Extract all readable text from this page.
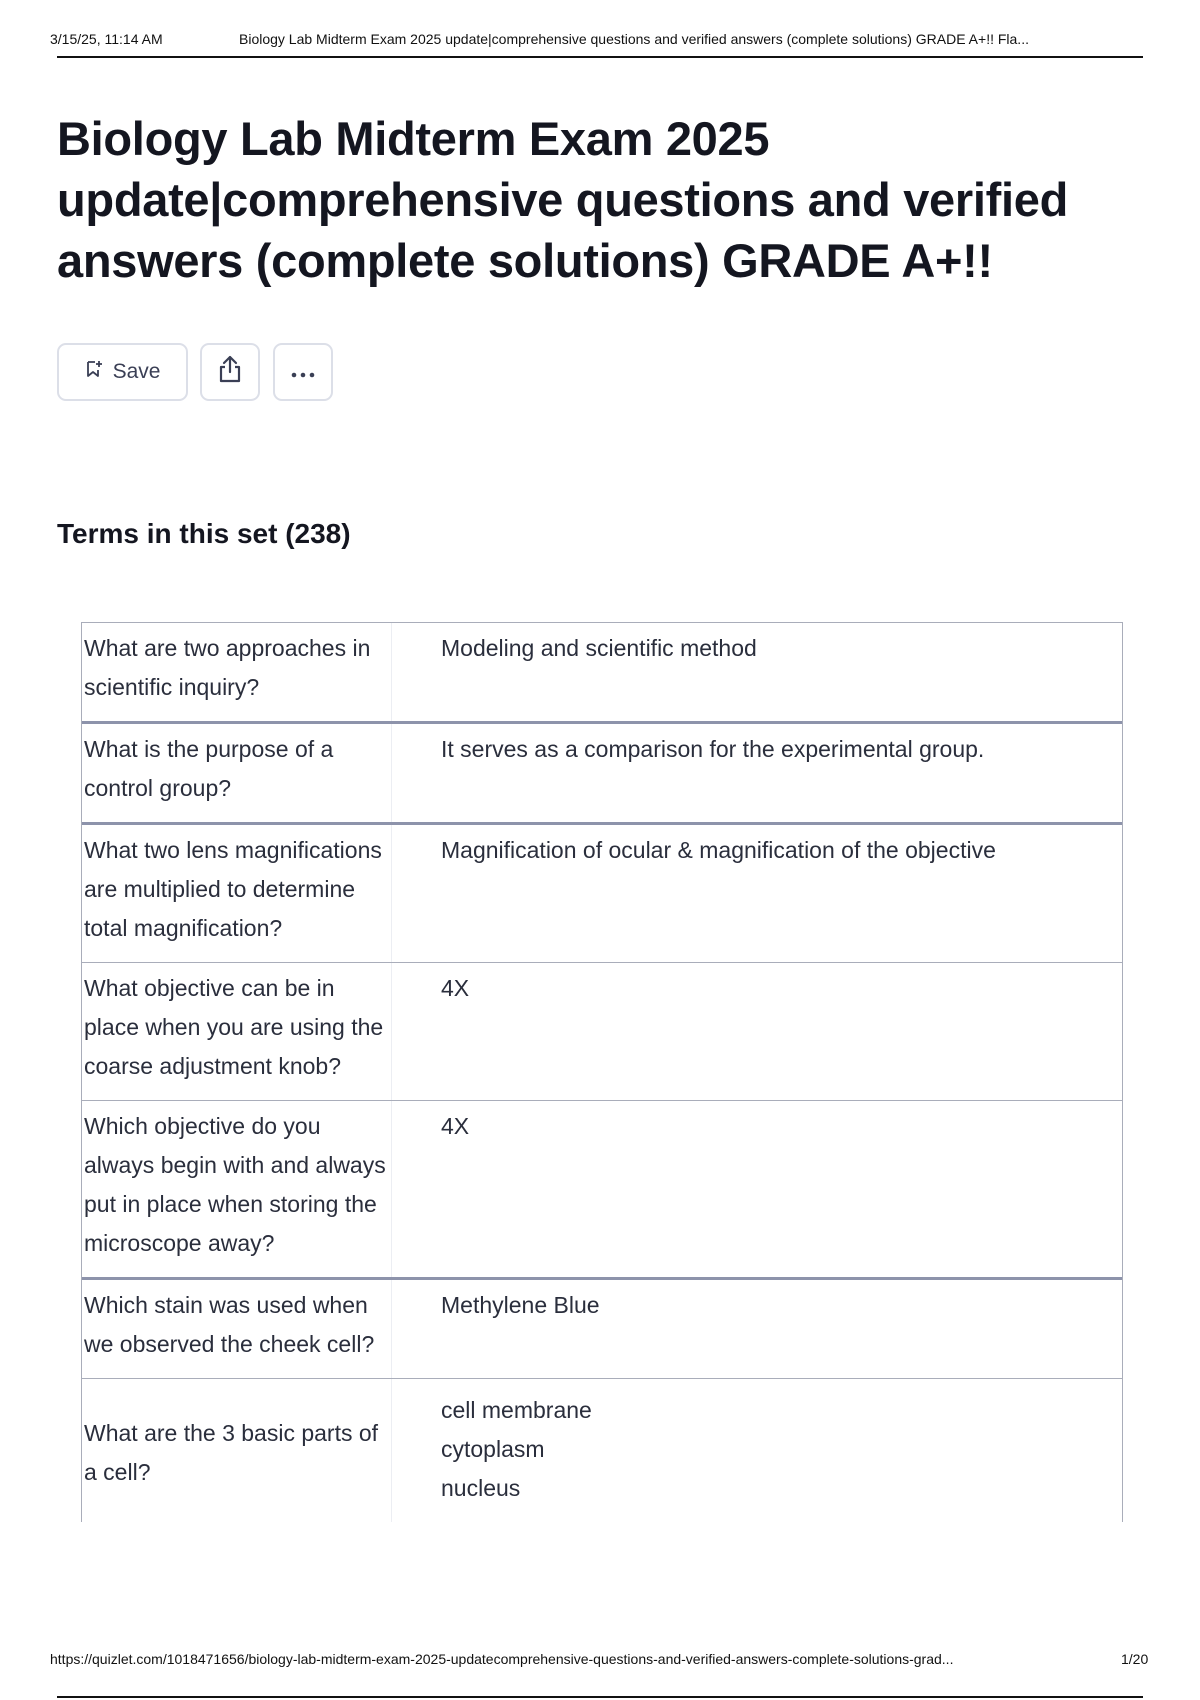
3/15/25, 11:14 AM	Biology Lab Midterm Exam 2025 update|comprehensive questions and verified answers (complete solutions) GRADE A+!! Fla...
Biology Lab Midterm Exam 2025 update|comprehensive questions and verified answers (complete solutions) GRADE A+!!
Save
Terms in this set (238)
What are two approaches in scientific inquiry?
Modeling and scientific method
What is the purpose of a control group?
It serves as a comparison for the experimental group.
What two lens magnifications are multiplied to determine total magnification?
Magnification of ocular & magnification of the objective
What objective can be in place when you are using the coarse adjustment knob?
4X
Which objective do you always begin with and always put in place when storing the microscope away?
4X
Which stain was used when we observed the cheek cell?
Methylene Blue
What are the 3 basic parts of a cell?
cell membrane
cytoplasm
nucleus
https://quizlet.com/1018471656/biology-lab-midterm-exam-2025-updatecomprehensive-questions-and-verified-answers-complete-solutions-grad...	1/20
